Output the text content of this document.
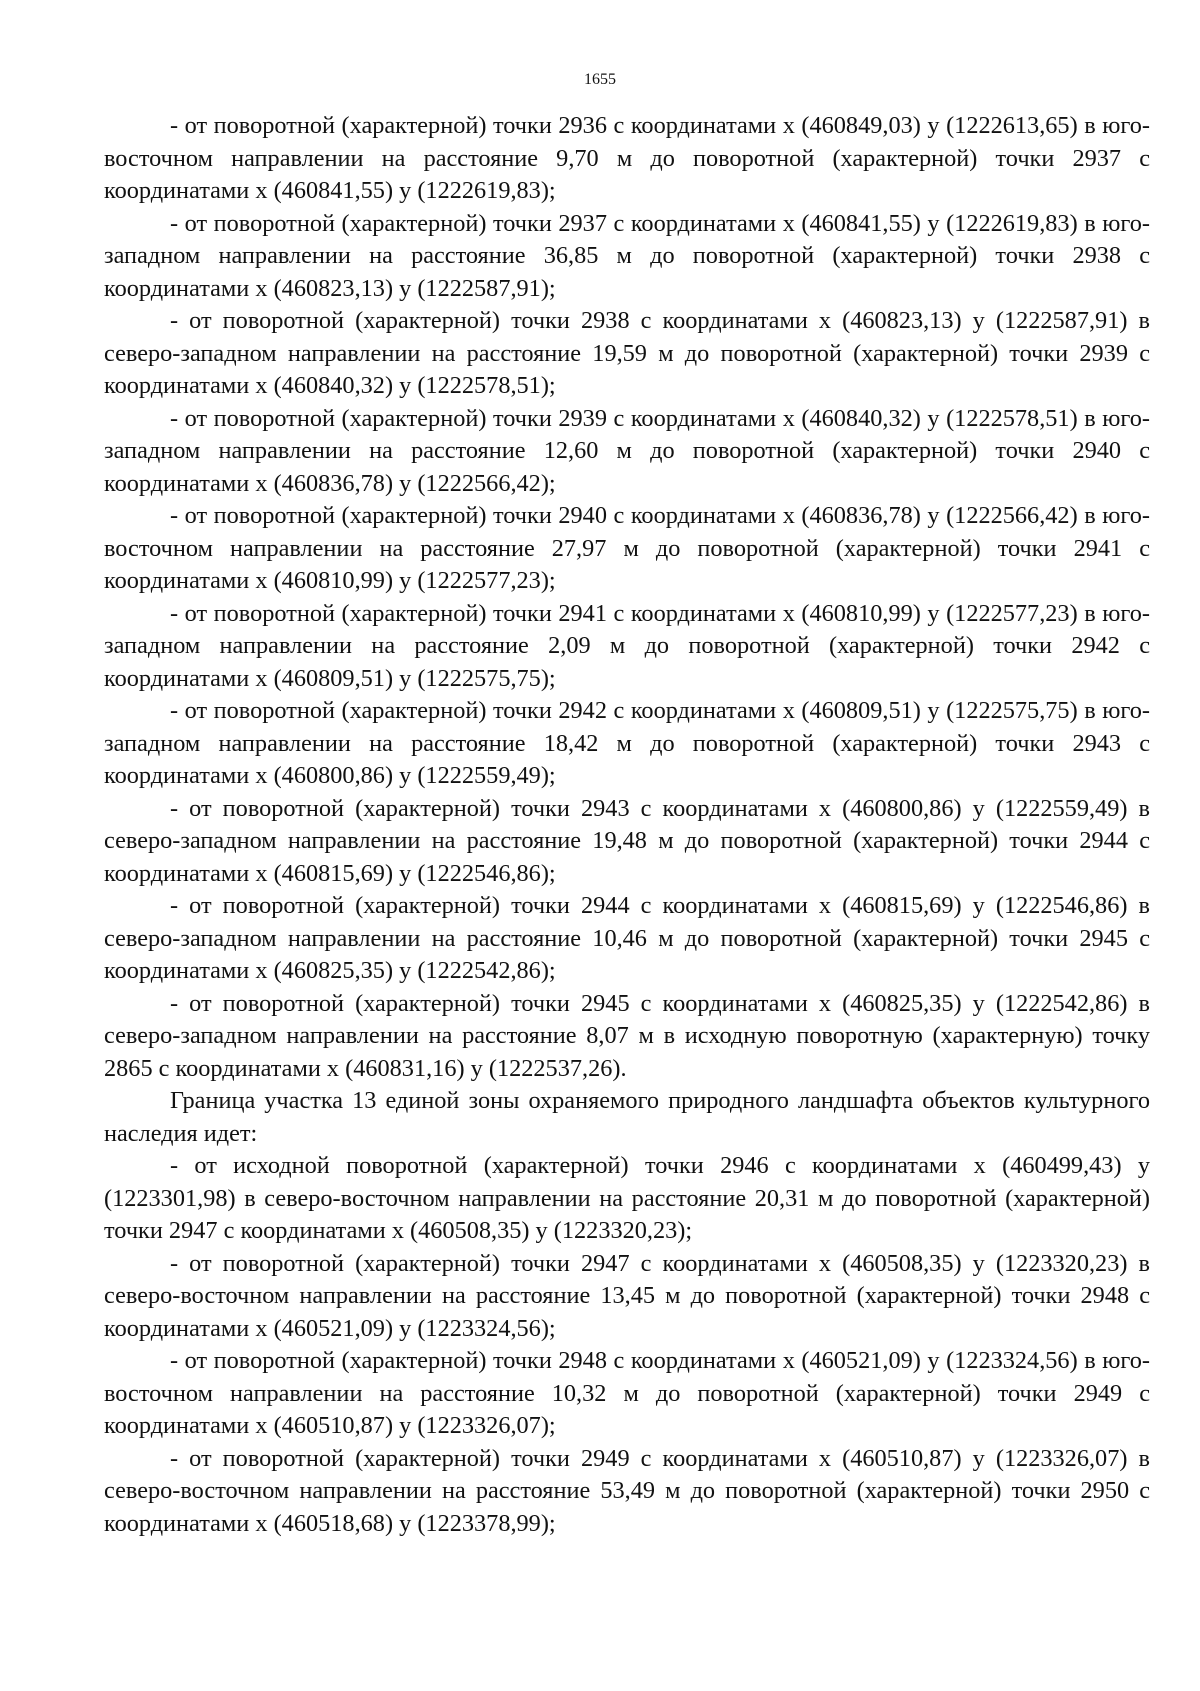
1655

- от поворотной (характерной) точки 2936 с координатами x (460849,03) y (1222613,65) в юго-восточном направлении на расстояние 9,70 м до поворотной (характерной) точки 2937 с координатами x (460841,55) y (1222619,83);

- от поворотной (характерной) точки 2937 с координатами x (460841,55) y (1222619,83) в юго-западном направлении на расстояние 36,85 м до поворотной (характерной) точки 2938 с координатами x (460823,13) y (1222587,91);

- от поворотной (характерной) точки 2938 с координатами x (460823,13) y (1222587,91) в северо-западном направлении на расстояние 19,59 м до поворотной (характерной) точки 2939 с координатами x (460840,32) y (1222578,51);

- от поворотной (характерной) точки 2939 с координатами x (460840,32) y (1222578,51) в юго-западном направлении на расстояние 12,60 м до поворотной (характерной) точки 2940 с координатами x (460836,78) y (1222566,42);

- от поворотной (характерной) точки 2940 с координатами x (460836,78) y (1222566,42) в юго-восточном направлении на расстояние 27,97 м до поворотной (характерной) точки 2941 с координатами x (460810,99) y (1222577,23);

- от поворотной (характерной) точки 2941 с координатами x (460810,99) y (1222577,23) в юго-западном направлении на расстояние 2,09 м до поворотной (характерной) точки 2942 с координатами x (460809,51) y (1222575,75);

- от поворотной (характерной) точки 2942 с координатами x (460809,51) y (1222575,75) в юго-западном направлении на расстояние 18,42 м до поворотной (характерной) точки 2943 с координатами x (460800,86) y (1222559,49);

- от поворотной (характерной) точки 2943 с координатами x (460800,86) y (1222559,49) в северо-западном направлении на расстояние 19,48 м до поворотной (характерной) точки 2944 с координатами x (460815,69) y (1222546,86);

- от поворотной (характерной) точки 2944 с координатами x (460815,69) y (1222546,86) в северо-западном направлении на расстояние 10,46 м до поворотной (характерной) точки 2945 с координатами x (460825,35) y (1222542,86);

- от поворотной (характерной) точки 2945 с координатами x (460825,35) y (1222542,86) в северо-западном направлении на расстояние 8,07 м в исходную поворотную (характерную) точку 2865 с координатами x (460831,16) y (1222537,26).

Граница участка 13 единой зоны охраняемого природного ландшафта объектов культурного наследия идет:

- от исходной поворотной (характерной) точки 2946 с координатами x (460499,43) y (1223301,98) в северо-восточном направлении на расстояние 20,31 м до поворотной (характерной) точки 2947 с координатами x (460508,35) y (1223320,23);

- от поворотной (характерной) точки 2947 с координатами x (460508,35) y (1223320,23) в северо-восточном направлении на расстояние 13,45 м до поворотной (характерной) точки 2948 с координатами x (460521,09) y (1223324,56);

- от поворотной (характерной) точки 2948 с координатами x (460521,09) y (1223324,56) в юго-восточном направлении на расстояние 10,32 м до поворотной (характерной) точки 2949 с координатами x (460510,87) y (1223326,07);

- от поворотной (характерной) точки 2949 с координатами x (460510,87) y (1223326,07) в северо-восточном направлении на расстояние 53,49 м до поворотной (характерной) точки 2950 с координатами x (460518,68) y (1223378,99);
